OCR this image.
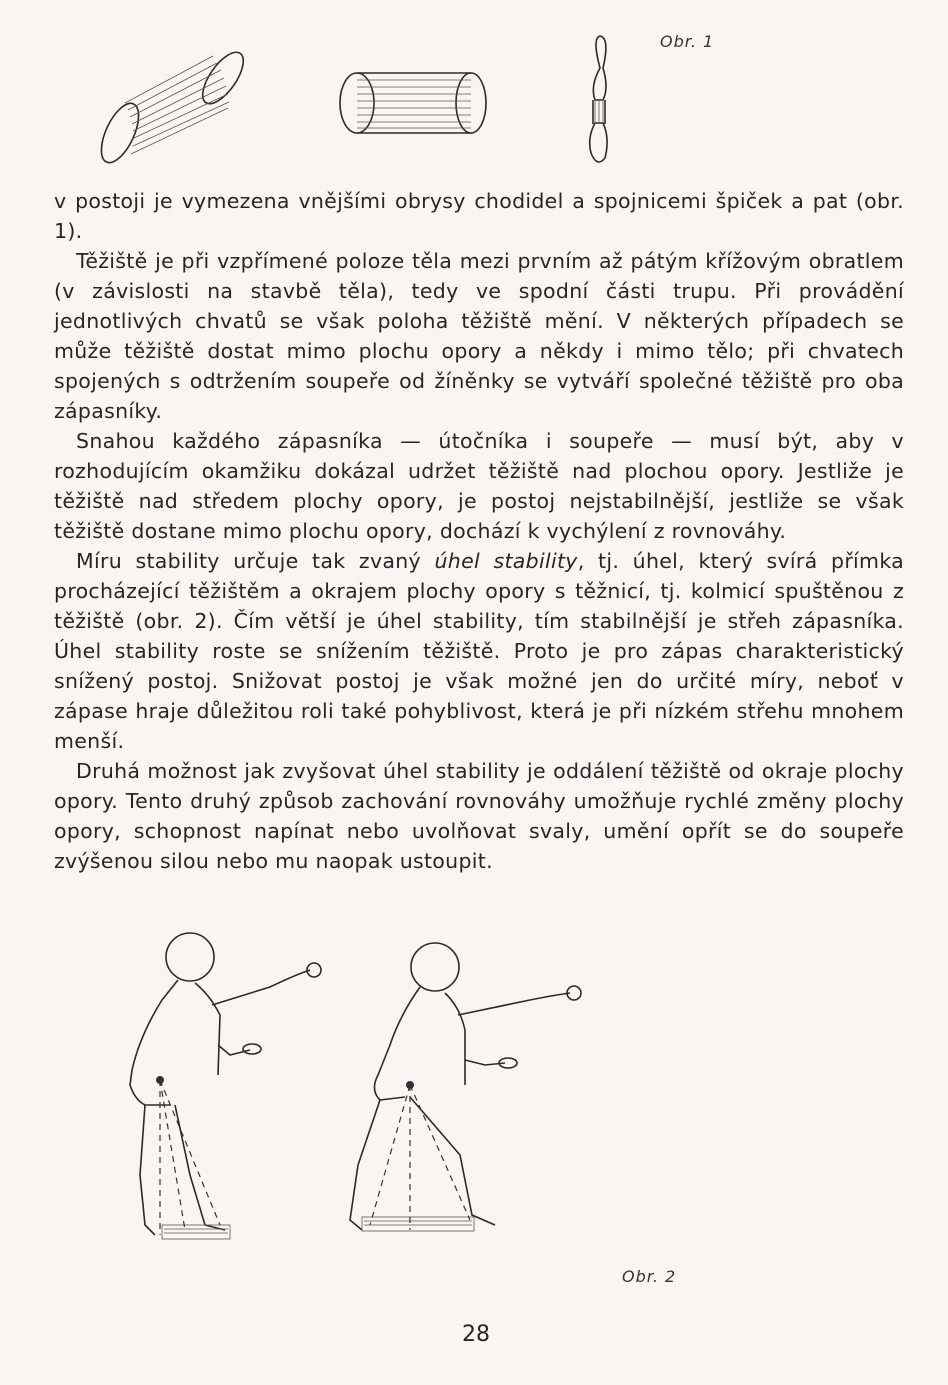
Obr. 1

v postoji je vymezena vnějšími obrysy chodidel a spojnicemi špiček a pat (obr. 1).

Těžiště je při vzpřímené poloze těla mezi prvním až pátým křížovým obratlem (v závislosti na stavbě těla), tedy ve spodní části trupu. Při provádění jednotlivých chvatů se však poloha těžiště mění. V některých případech se může těžiště dostat mimo plochu opory a někdy i mimo tělo; při chvatech spojených s odtržením soupeře od žíněnky se vytváří společné těžiště pro oba zápasníky.

Snahou každého zápasníka — útočníka i soupeře — musí být, aby v rozhodujícím okamžiku dokázal udržet těžiště nad plochou opory. Jestliže je těžiště nad středem plochy opory, je postoj nejstabilnější, jestliže se však těžiště dostane mimo plochu opory, dochází k vychýlení z rovnováhy.

Míru stability určuje tak zvaný úhel stability, tj. úhel, který svírá přímka procházející těžištěm a okrajem plochy opory s těžnicí, tj. kolmicí spuštěnou z těžiště (obr. 2). Čím větší je úhel stability, tím stabilnější je střeh zápasníka. Úhel stability roste se snížením těžiště. Proto je pro zápas charakteristický snížený postoj. Snižovat postoj je však možné jen do určité míry, neboť v zápase hraje důležitou roli také pohyblivost, která je při nízkém střehu mnohem menší.

Druhá možnost jak zvyšovat úhel stability je oddálení těžiště od okraje plochy opory. Tento druhý způsob zachování rovnováhy umožňuje rychlé změny plochy opory, schopnost napínat nebo uvolňovat svaly, umění opřít se do soupeře zvýšenou silou nebo mu naopak ustoupit.

Obr. 2
28
